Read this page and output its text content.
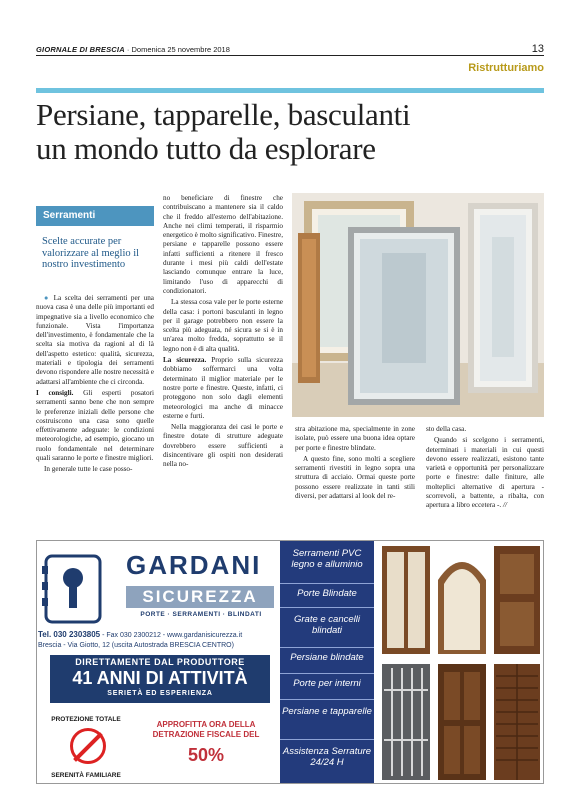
GIORNALE DI BRESCIA · Domenica 25 novembre 2018	13
Ristrutturiamo
Persiane, tapparelle, basculanti
un mondo tutto da esplorare
Serramenti
Scelte accurate per valorizzare al meglio il nostro investimento

● La scelta dei serramenti per una nuova casa è una delle più importanti ed impegnative sia a livello economico che funzionale. Vista l'importanza dell'investimento, è fondamentale che la scelta sia motiva da ragioni al di là dell'aspetto estetico: qualità, sicurezza, materiali e tipologia dei serramenti devono rispondere alle nostre necessità e adattarsi all'ambiente che ci circonda.

I consigli. Gli esperti posatori serramenti sanno bene che non sempre le preferenze iniziali delle persone che costruiscono una casa sono quelle effettivamente adeguate: le condizioni meteorologiche, ad esempio, giocano un ruolo fondamentale nel determinare quali saranno le porte e finestre migliori.

In generale tutte le case posso-

no beneficiare di finestre che contribuiscano a mantenere sia il caldo che il freddo all'esterno dell'abitazione. Anche nei climi temperati, il risparmio energetico è molto significativo. Finestre, persiane e tapparelle possono essere infatti sufficienti a ritenere il fresco durante i mesi più caldi dell'estate lasciando comunque entrare la luce, limitando l'uso di apparecchi di condizionatori.

La stessa cosa vale per le porte esterne della casa: i portoni basculanti in legno per il garage potrebbero non essere la scelta più adeguata, né sicura se si è in un'area molto fredda, soprattutto se il legno non è di alta qualità.

La sicurezza. Proprio sulla sicurezza dobbiamo soffermarci una volta determinato il miglior materiale per le nostre porte e finestre. Queste, infatti, ci proteggono non solo dagli elementi meteorologici ma anche di minacce esterne e furti.

Nella maggioranza dei casi le porte e finestre dotate di strutture adeguate dovrebbero essere sufficienti a disincentivare gli ospiti non desiderati nella no-

stra abitazione ma, specialmente in zone isolate, può essere una buona idea optare per porte e finestre blindate.

A questo fine, sono molti a scegliere serramenti rivestiti in legno sopra una struttura di acciaio. Ormai queste porte possono essere realizzate in tanti stili diversi, per adattarsi al look del re-

sto della casa.

Quando si scelgono i serramenti, determinati i materiali in cui questi devono essere realizzati, esistono tante varietà e opportunità per personalizzare porte e finestre: dalle finiture, alle molteplici alternative di apertura - scorrevoli, a battente, a ribalta, con apertura a libro eccetera -. //

GARDANI
SICUREZZA
PORTE · SERRAMENTI · BLINDATI
Tel. 030 2303805 - Fax 030 2300212 - www.gardanisicurezza.it
Brescia - Via Giotto, 12 (uscita Autostrada BRESCIA CENTRO)
DIRETTAMENTE DAL PRODUTTORE
41 ANNI DI ATTIVITÀ
SERIETÀ ED ESPERIENZA
PROTEZIONE TOTALE
SERENITÀ FAMILIARE
APPROFITTA ORA DELLA DETRAZIONE FISCALE DEL
50%
Serramenti PVC legno e alluminio
Porte Blindate
Grate e cancelli blindati
Persiane blindate
Porte per interni
Persiane e tapparelle
Assistenza Serrature 24/24 H
